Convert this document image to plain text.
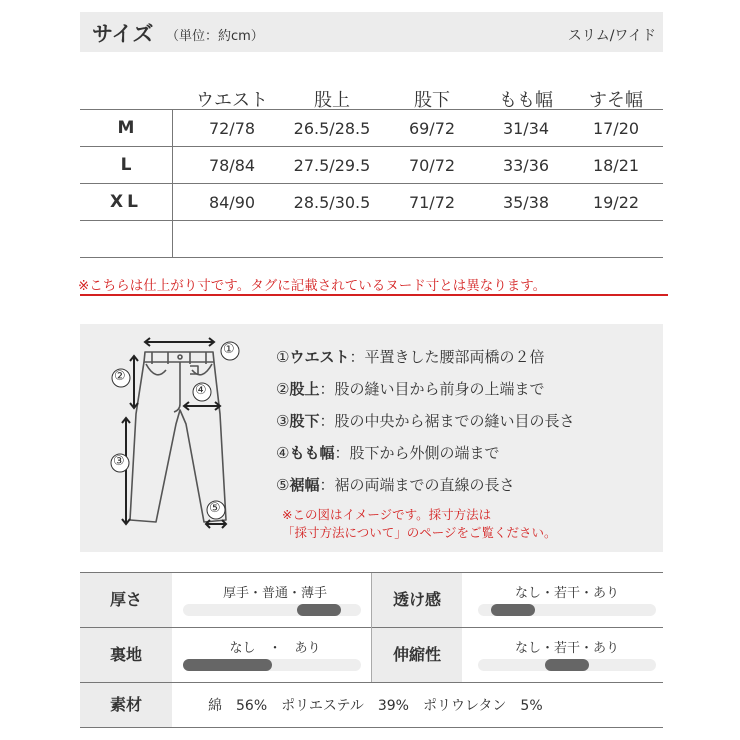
サイズ （単位：約cm）	スリム/ワイド
ウエスト	股上	股下	もも幅	すそ幅
M	72/78	26.5/28.5	69/72	31/34	17/20
L	78/84	27.5/29.5	70/72	33/36	18/21
XL	84/90	28.5/30.5	71/72	35/38	19/22
※こちらは仕上がり寸です。タグに記載されているヌード寸とは異なります。
①
②
③
④
⑤
①ウエスト：平置きした腰部両橋の２倍
②股上：股の縫い目から前身の上端まで
③股下：股の中央から裾までの縫い目の長さ
④もも幅：股下から外側の端まで
⑤裾幅：裾の両端までの直線の長さ
※この図はイメージです。採寸方法は
「採寸方法について」のページをご覧ください。
厚さ	厚手・普通・薄手	透け感	なし・若干・あり
裏地	なし　・　あり	伸縮性	なし・若干・あり
素材	綿　56%　ポリエステル　39%　ポリウレタン　5%
